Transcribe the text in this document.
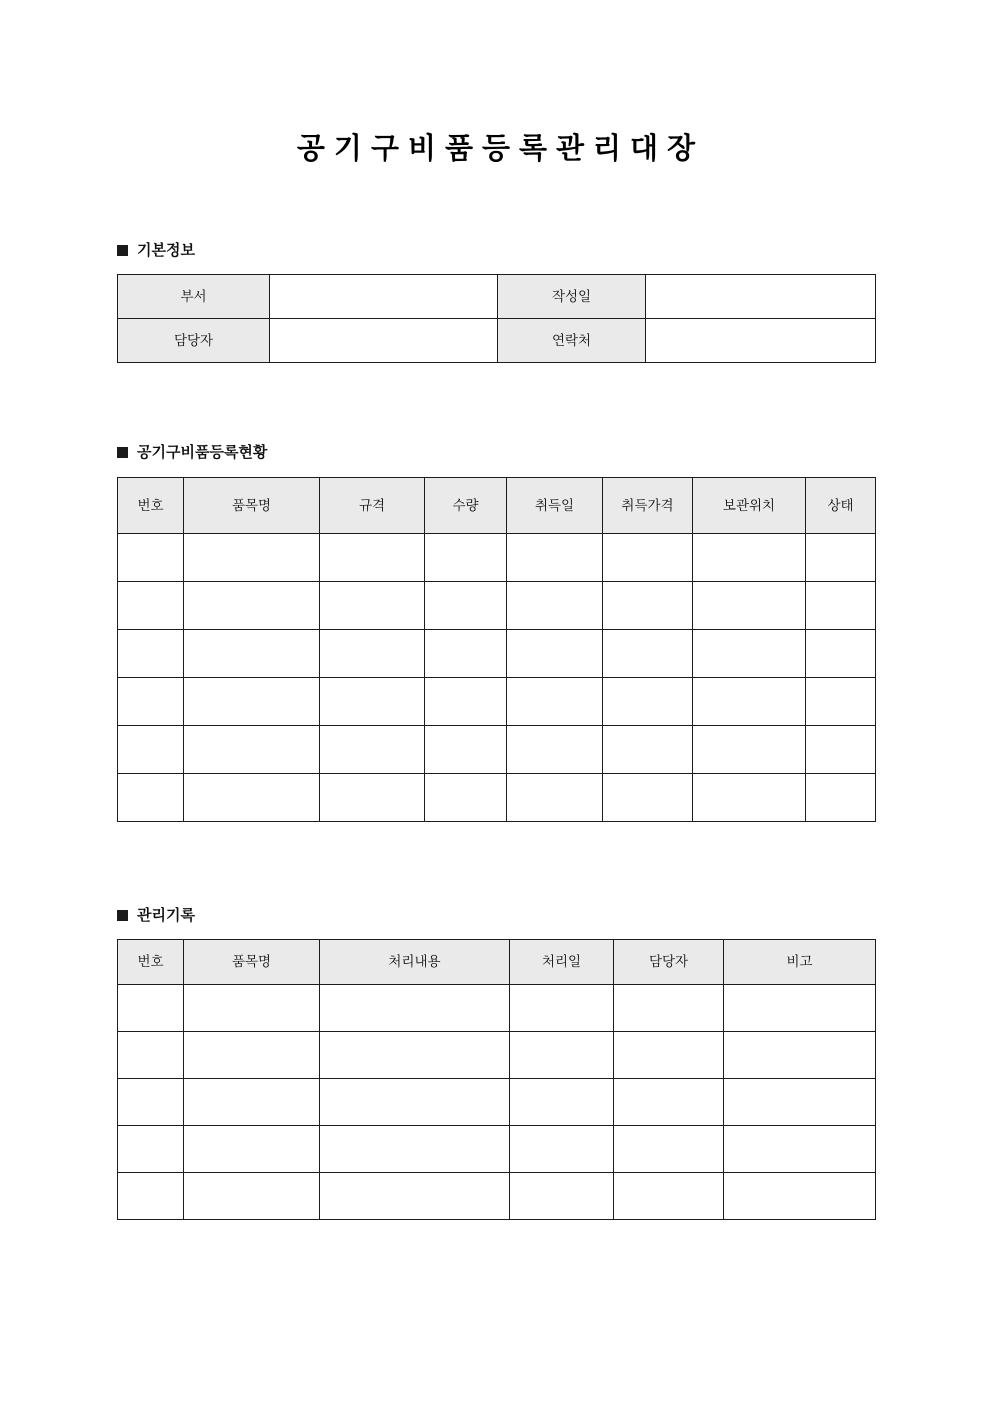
공기구비품등록관리대장
기본정보
부서		작성일	
담당자		연락처	
공기구비품등록현황
번호	품목명	규격	수량	취득일	취득가격	보관위치	상태

관리기록
번호	품목명	처리내용	처리일	담당자	비고
